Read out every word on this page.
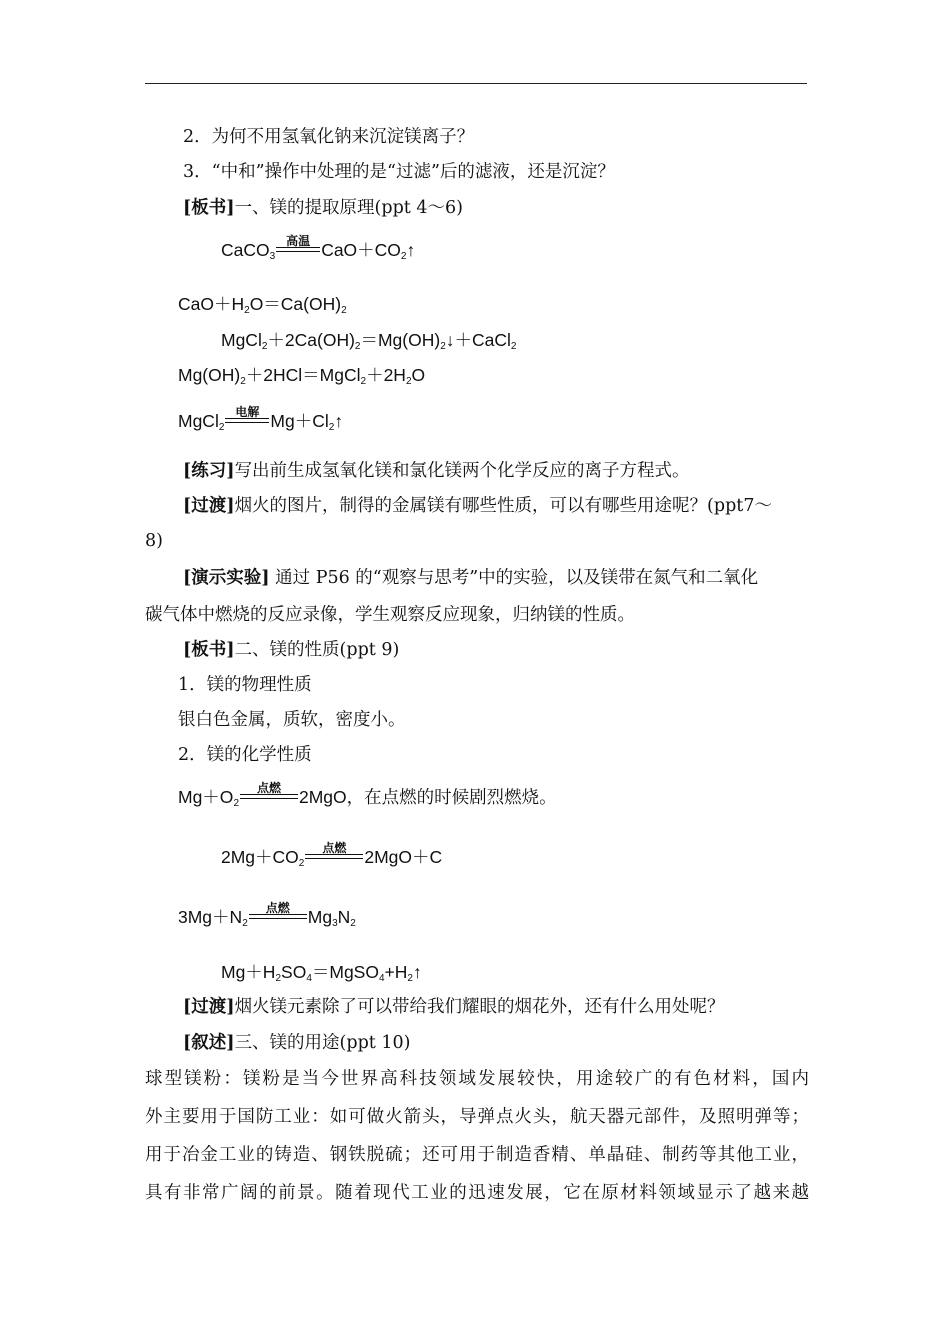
2．为何不用氢氧化钠来沉淀镁离子？
3．“中和”操作中处理的是“过滤”后的滤液，还是沉淀？
[板书]一、镁的提取原理(ppt 4～6)
CaCO$_3$
高温 $CaO+CO_2↑$
$CaO+H_2O=Ca(OH)_2$
$MgCl_2+2Ca(OH)_2=Mg(OH)_2↓+CaCl_2$
$Mg(OH)_2+2HCl=MgCl_2+2H_2O$
MgCl$_2$
电解 $Mg+Cl_2↑$
[练习]写出前生成氢氧化镁和氯化镁两个化学反应的离子方程式。
[过渡]烟火的图片，制得的金属镁有哪些性质，可以有哪些用途呢？(ppt7～
8)
[演示实验] 通过 P56 的“观察与思考”中的实验，以及镁带在氮气和二氧化
碳气体中燃烧的反应录像，学生观察反应现象，归纳镁的性质。
[板书]二、镁的性质(ppt 9)
1．镁的物理性质
银白色金属，质软，密度小。
2．镁的化学性质
$Mg+O_2$
点燃	2MgO，在点燃的时候剧烈燃烧。
$2Mg+CO_2$
点燃	2MgO＋C
$3Mg+N_2$
点燃	$Mg_3N_2$
$Mg+H_2SO_4=MgSO_4+H_2↑$
[过渡]烟火镁元素除了可以带给我们耀眼的烟花外，还有什么用处呢？
[叙述]三、镁的用途(ppt 10)
球型镁粉：镁粉是当今世界高科技领域发展较快，用途较广的有色材料，国内
外主要用于国防工业：如可做火箭头，导弹点火头，航天器元部件，及照明弹等；
用于冶金工业的铸造、钢铁脱硫；还可用于制造香精、单晶硅、制药等其他工业，
具有非常广阔的前景。随着现代工业的迅速发展，它在原材料领域显示了越来越
